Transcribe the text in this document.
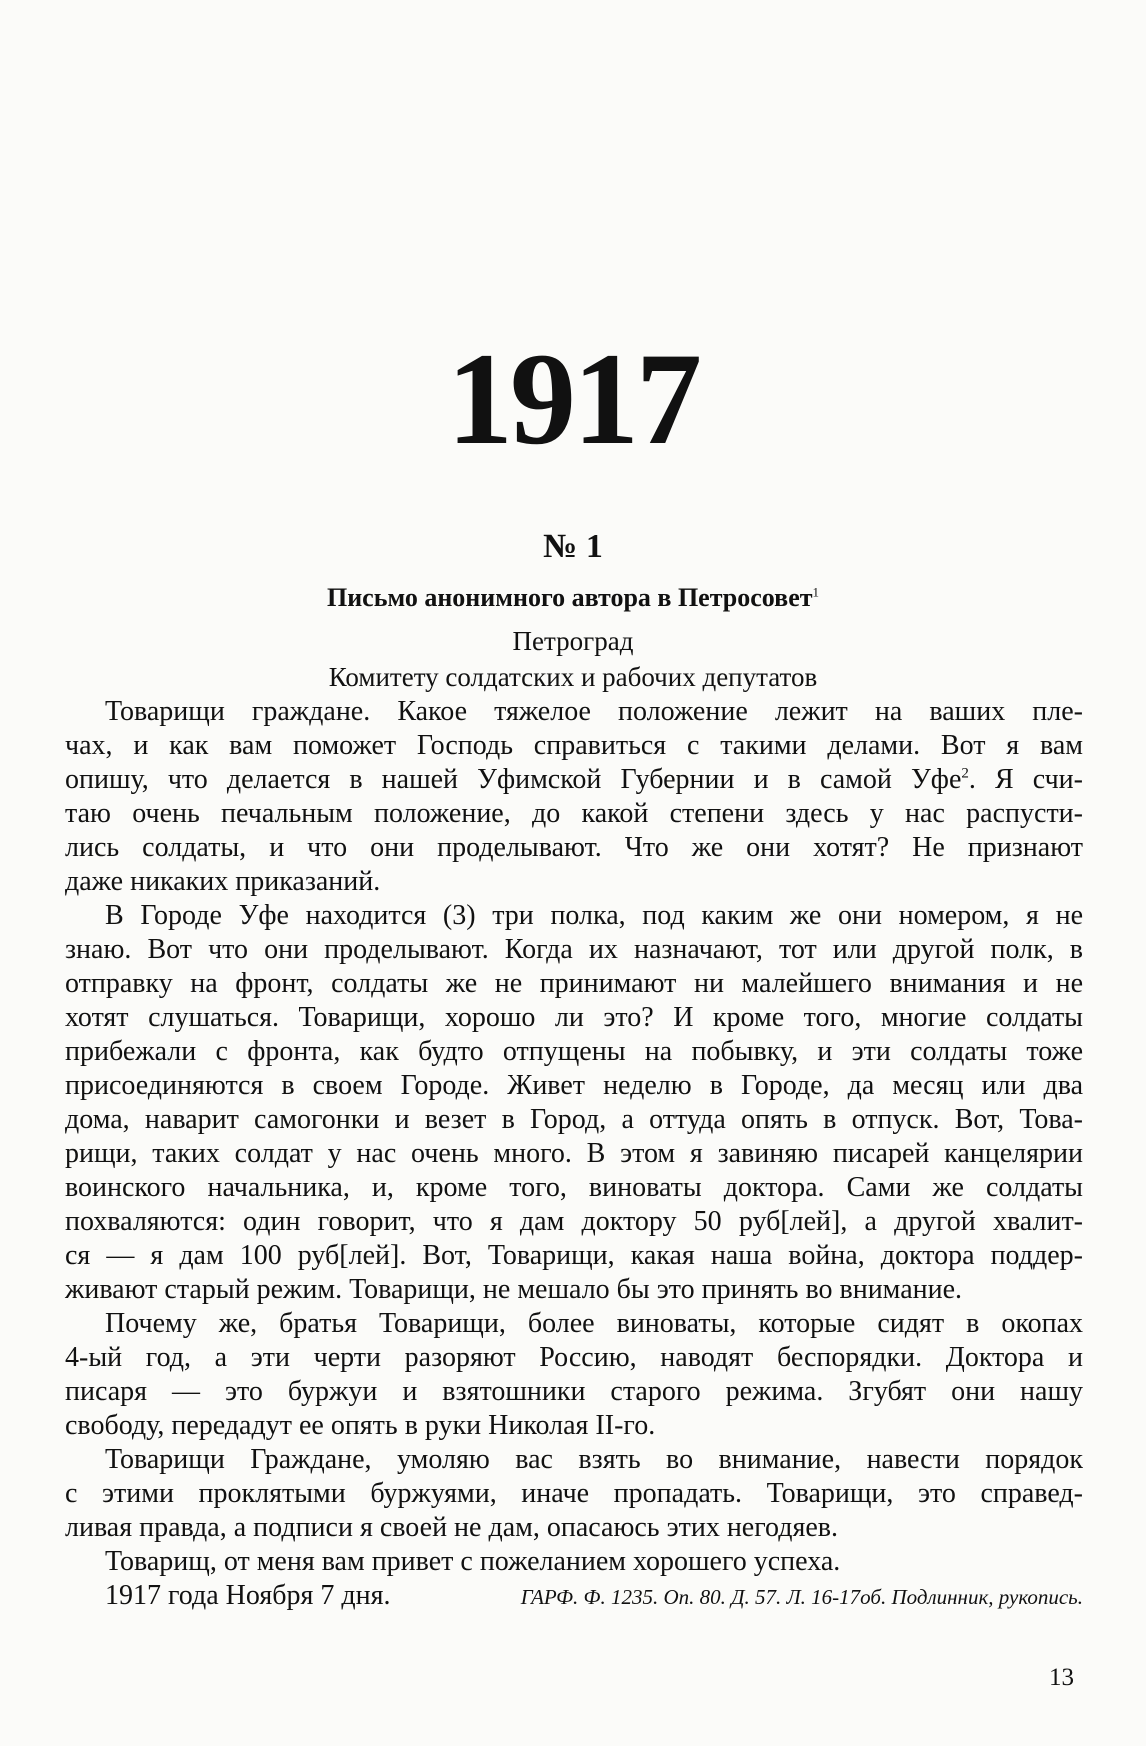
1917
№ 1
Письмо анонимного автора в Петросовет$^1$
Петроград
Комитету солдатских и рабочих депутатов
Товарищи граждане. Какое тяжелое положение лежит на ваших пле-
чах, и как вам поможет Господь справиться с такими делами. Вот я вам
опишу, что делается в нашей Уфимской Губернии и в самой Уфе$^2$. Я счи-
таю очень печальным положение, до какой степени здесь у нас распусти-
лись солдаты, и что они проделывают. Что же они хотят? Не признают
даже никаких приказаний.
В Городе Уфе находится (3) три полка, под каким же они номером, я не
знаю. Вот что они проделывают. Когда их назначают, тот или другой полк, в
отправку на фронт, солдаты же не принимают ни малейшего внимания и не
хотят слушаться. Товарищи, хорошо ли это? И кроме того, многие солдаты
прибежали с фронта, как будто отпущены на побывку, и эти солдаты тоже
присоединяются в своем Городе. Живет неделю в Городе, да месяц или два
дома, наварит самогонки и везет в Город, а оттуда опять в отпуск. Вот, Това-
рищи, таких солдат у нас очень много. В этом я завиняю писарей канцелярии
воинского начальника, и, кроме того, виноваты доктора. Сами же солдаты
похваляются: один говорит, что я дам доктору 50 руб[лей], а другой хвалит-
ся — я дам 100 руб[лей]. Вот, Товарищи, какая наша война, доктора поддер-
живают старый режим. Товарищи, не мешало бы это принять во внимание.
Почему же, братья Товарищи, более виноваты, которые сидят в окопах
4-ый год, а эти черти разоряют Россию, наводят беспорядки. Доктора и
писаря — это буржуи и взятошники старого режима. Згубят они нашу
свободу, передадут ее опять в руки Николая II-го.
Товарищи Граждане, умоляю вас взять во внимание, навести порядок
с этими проклятыми буржуями, иначе пропадать. Товарищи, это справед-
ливая правда, а подписи я своей не дам, опасаюсь этих негодяев.
Товарищ, от меня вам привет с пожеланием хорошего успеха.
1917 года Ноября 7 дня.	ГАРФ. Ф. 1235. Оп. 80. Д. 57. Л. 16-17об. Подлинник, рукопись.
13
